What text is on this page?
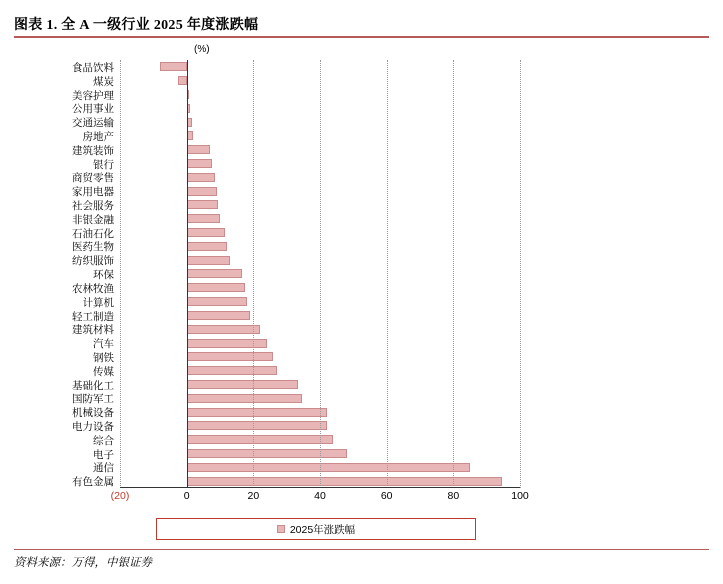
图表 1. 全 A 一级行业 2025 年度涨跌幅
(%)
食品饮料
煤炭
美容护理
公用事业
交通运输
房地产
建筑装饰
银行
商贸零售
家用电器
社会服务
非银金融
石油石化
医药生物
纺织服饰
环保
农林牧渔
计算机
轻工制造
建筑材料
汽车
钢铁
传媒
基础化工
国防军工
机械设备
电力设备
综合
电子
通信
有色金属
(20)	0	20	40	60	80	100
2025年涨跌幅
资料来源：万得，中银证券
